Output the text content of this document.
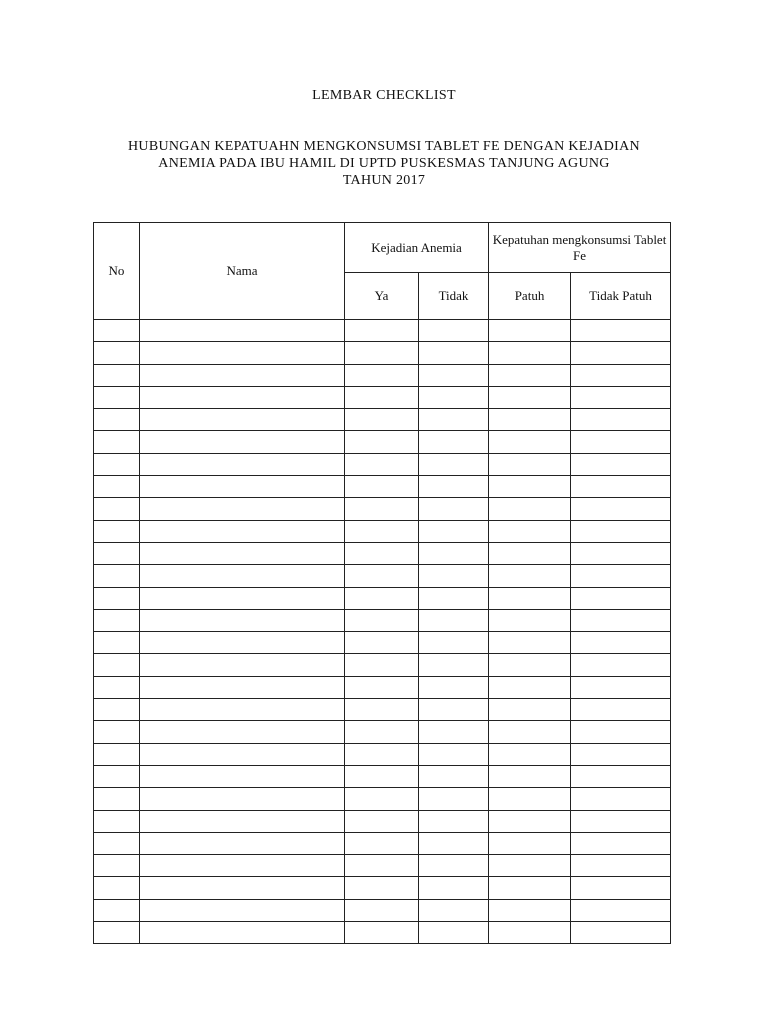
LEMBAR CHECKLIST
HUBUNGAN KEPATUAHN MENGKONSUMSI TABLET FE DENGAN KEJADIAN
ANEMIA PADA IBU HAMIL DI UPTD PUSKESMAS TANJUNG AGUNG
TAHUN 2017
No	Nama	Kejadian Anemia		Kepatuhan mengkonsumsi Tablet Fe	
		Ya	Tidak	Patuh	Tidak Patuh
